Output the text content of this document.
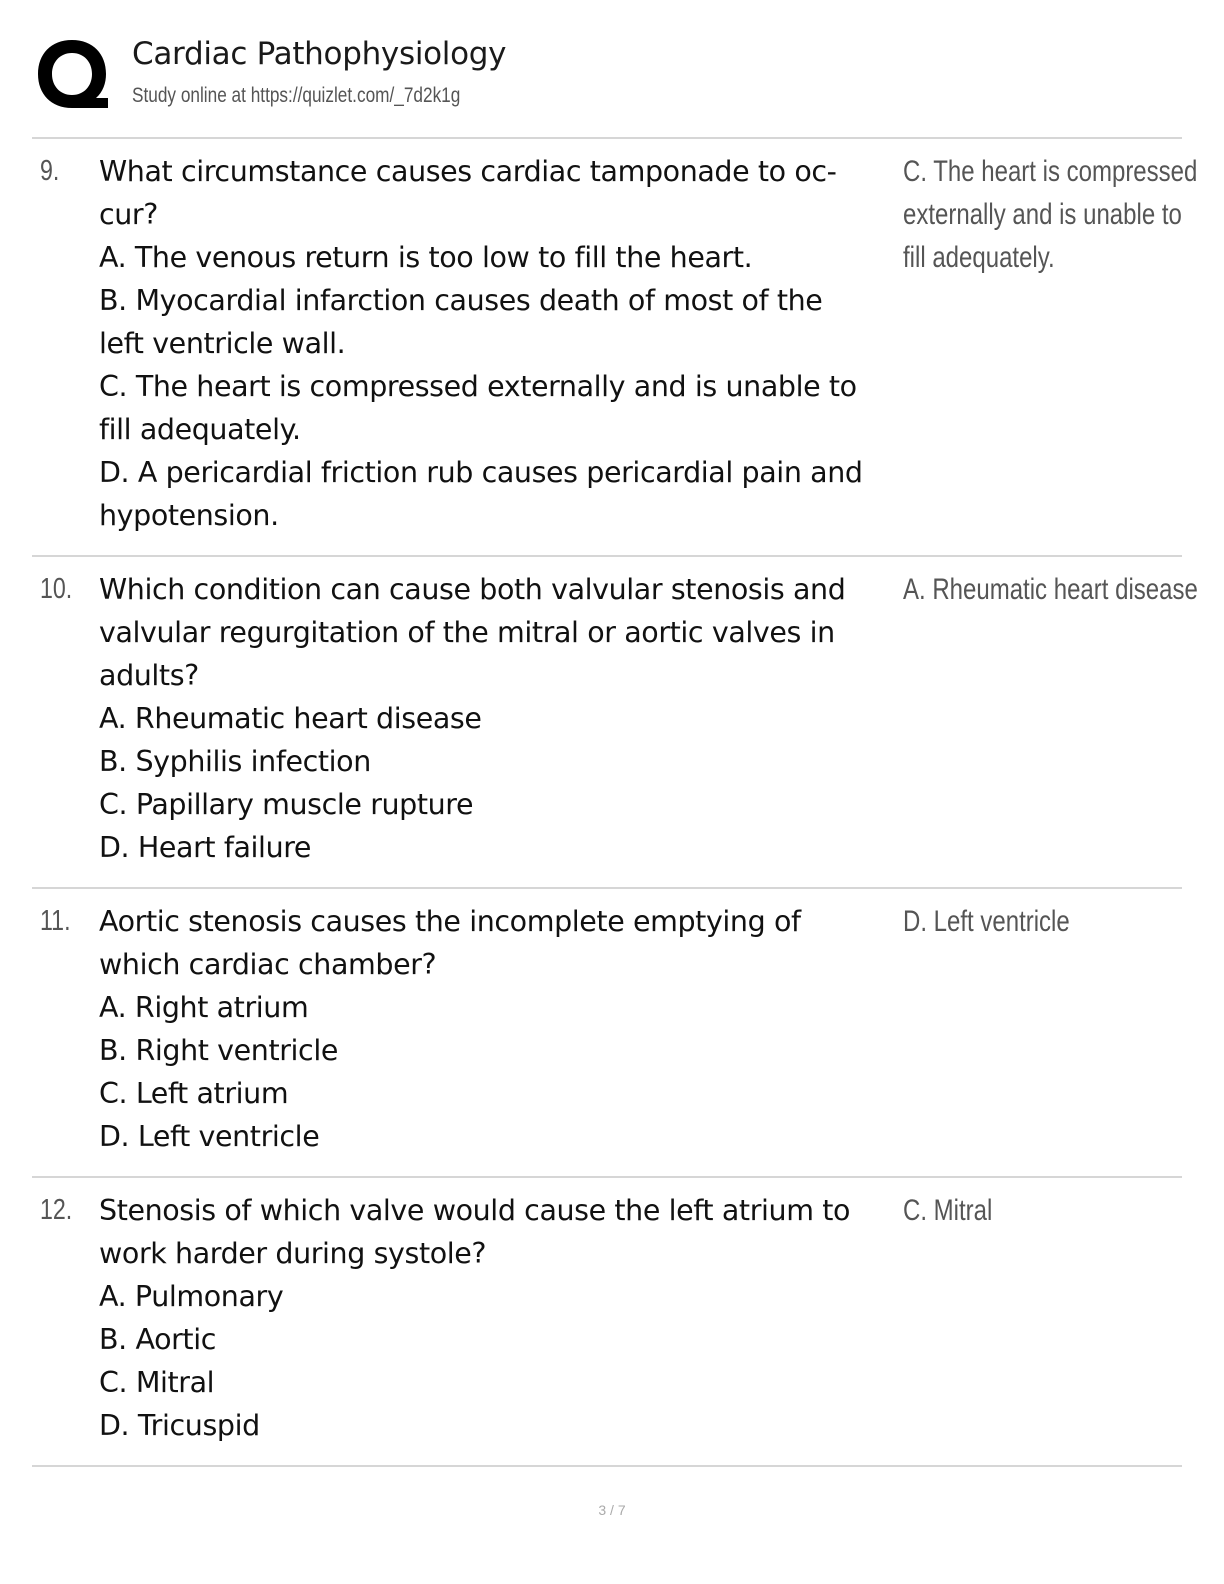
Cardiac Pathophysiology
Study online at https://quizlet.com/_7d2k1g
9. What circumstance causes cardiac tamponade to oc-
cur?
A. The venous return is too low to fill the heart.
B. Myocardial infarction causes death of most of the
left ventricle wall.
C. The heart is compressed externally and is unable to
fill adequately.
D. A pericardial friction rub causes pericardial pain and
hypotension.
C. The heart is compressed
externally and is unable to
fill adequately.
10. Which condition can cause both valvular stenosis and
valvular regurgitation of the mitral or aortic valves in
adults?
A. Rheumatic heart disease
B. Syphilis infection
C. Papillary muscle rupture
D. Heart failure
A. Rheumatic heart disease
11. Aortic stenosis causes the incomplete emptying of
which cardiac chamber?
A. Right atrium
B. Right ventricle
C. Left atrium
D. Left ventricle
D. Left ventricle
12. Stenosis of which valve would cause the left atrium to
work harder during systole?
A. Pulmonary
B. Aortic
C. Mitral
D. Tricuspid
C. Mitral
3 / 7
